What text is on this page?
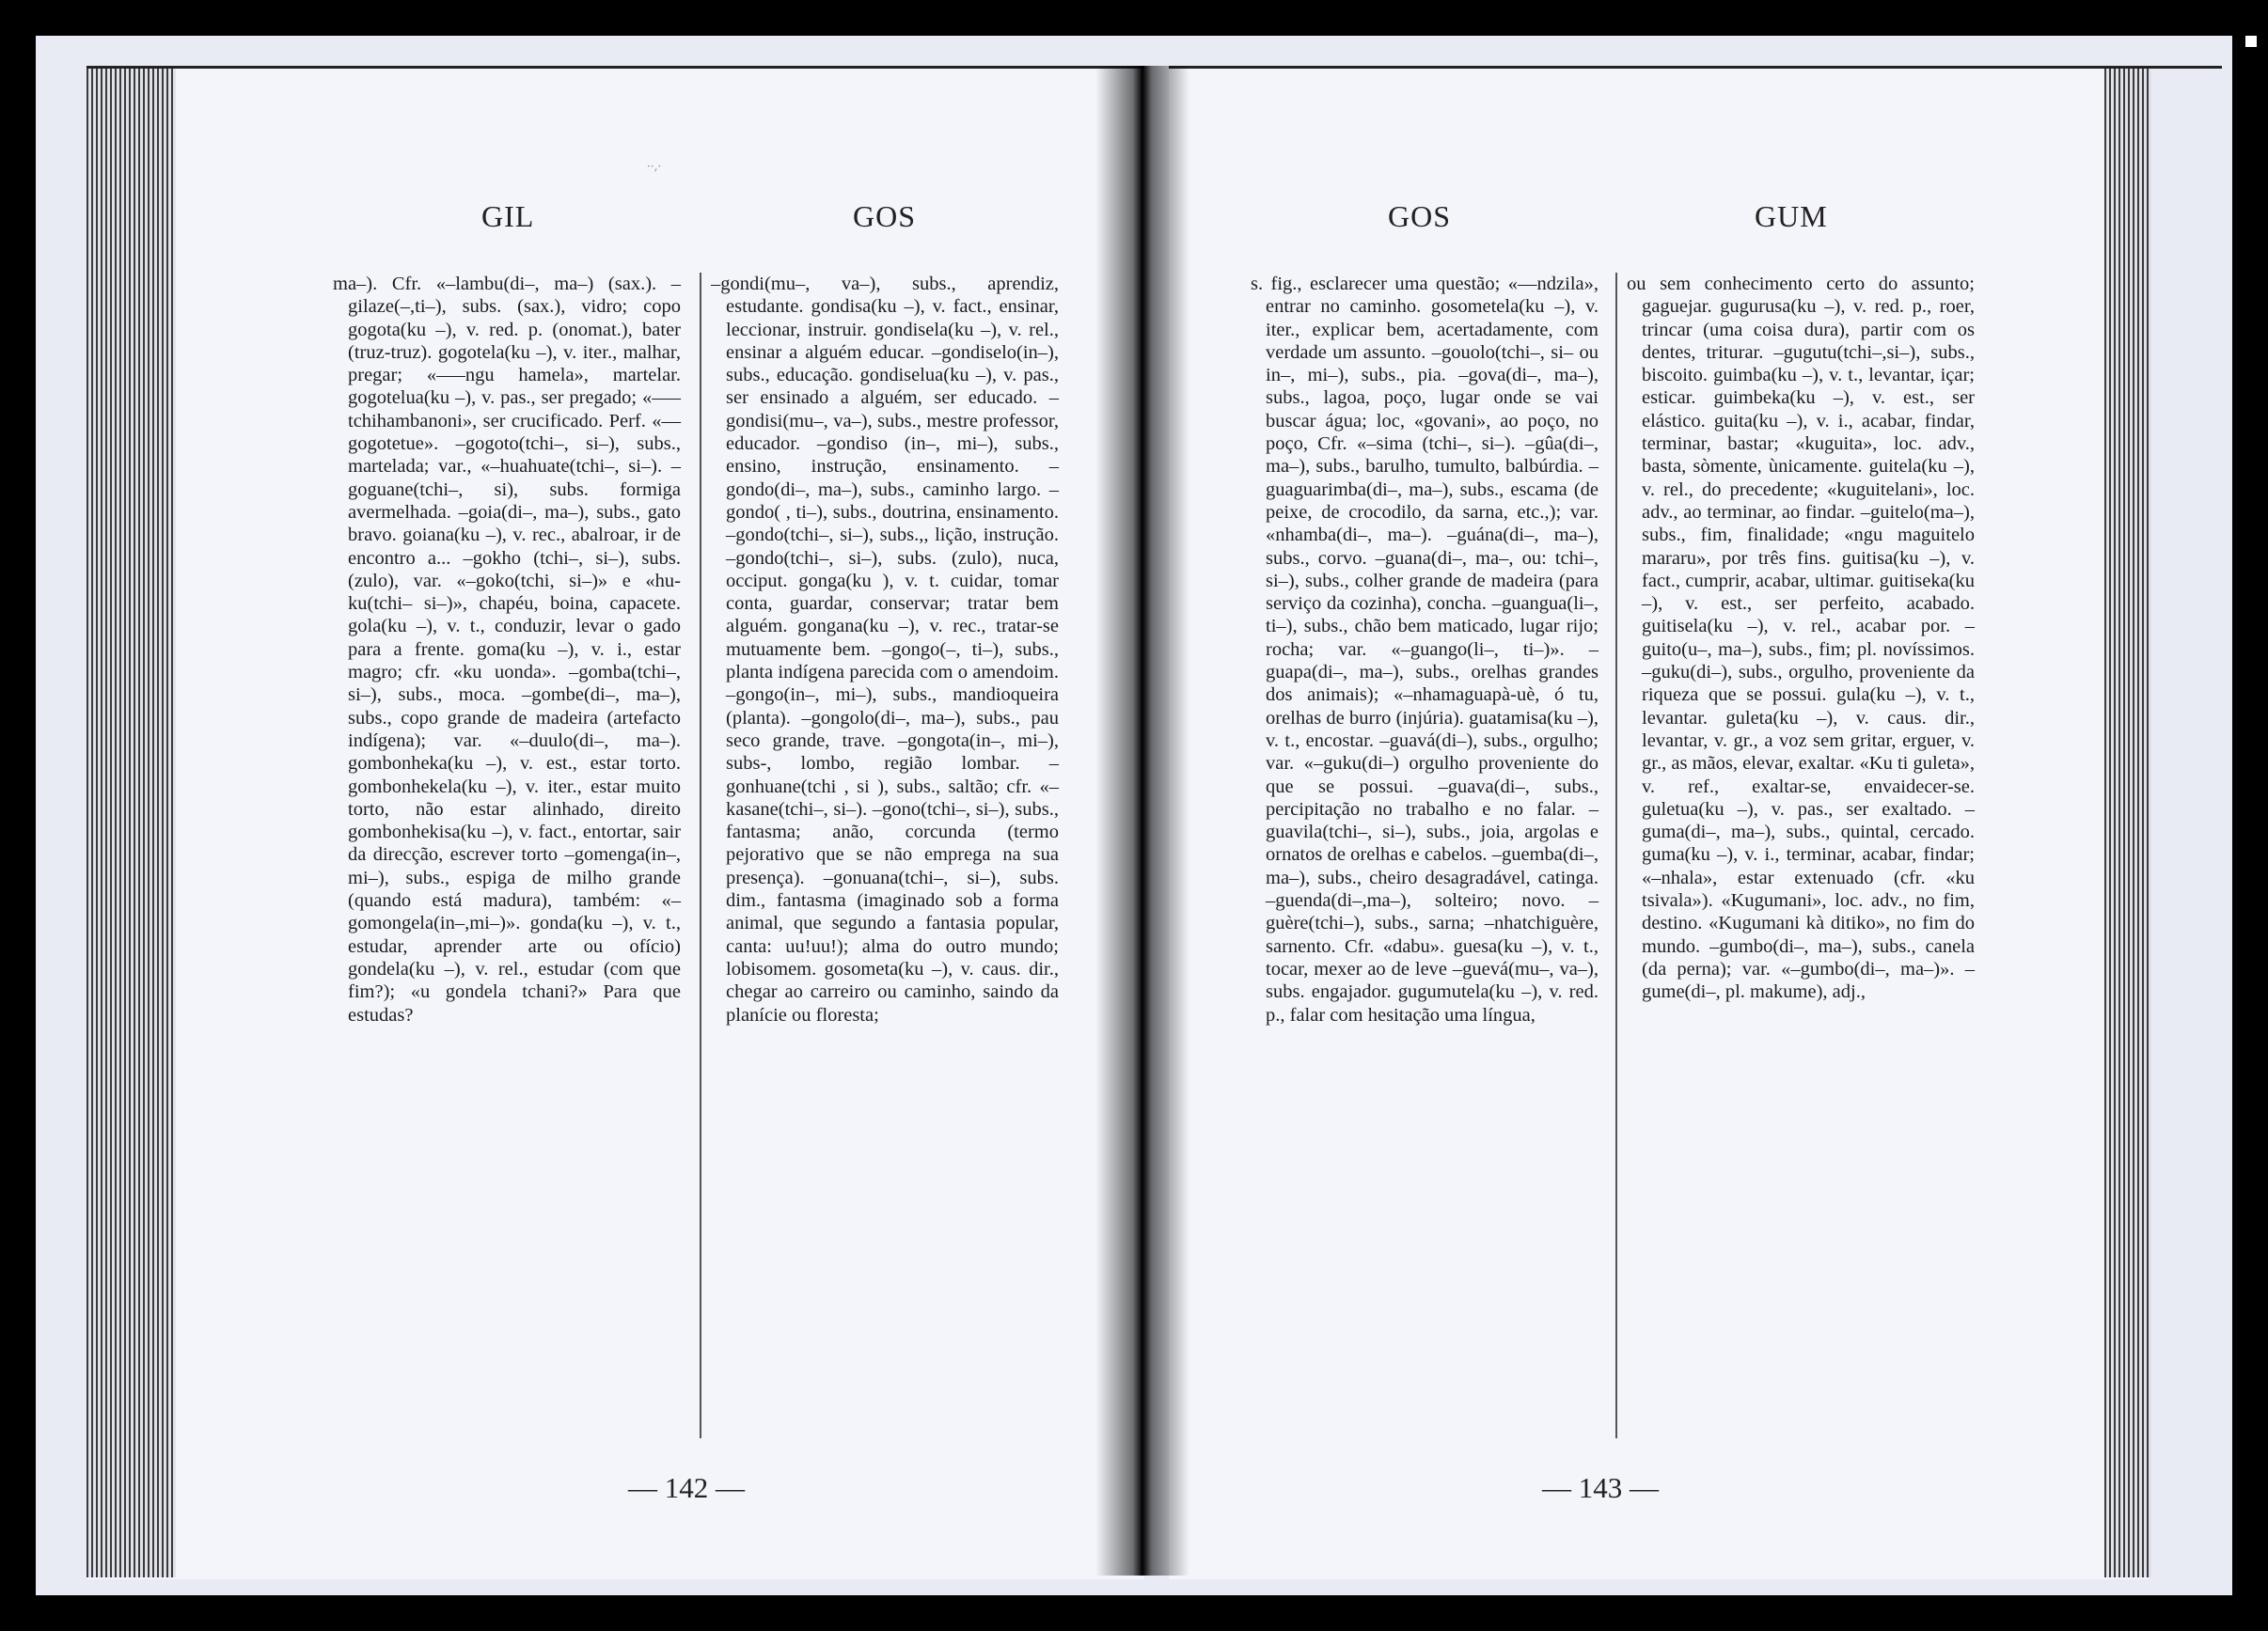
·‧,·
GIL	GOS

ma–). Cfr. «–lambu(di–, ma–) (sax.). –gilaze(–,ti–), subs. (sax.), vidro; copo gogota(ku –), v. red. p. (onomat.), bater (truz-truz). gogotela(ku –), v. iter., malhar, pregar; «–––ngu hamela», martelar. gogotelua(ku –), v. pas., ser pregado; «–––tchihambanoni», ser crucificado. Perf. «––gogotetue». –gogoto(tchi–, si–), subs., martelada; var., «–huahuate(tchi–, si–). –goguane(tchi–, si), subs. formiga avermelhada. –goia(di–, ma–), subs., gato bravo. goiana(ku –), v. rec., abalroar, ir de encontro a... –gokho (tchi–, si–), subs. (zulo), var. «–goko(tchi, si–)» e «hu-ku(tchi– si–)», chapéu, boina, capacete. gola(ku –), v. t., conduzir, levar o gado para a frente. goma(ku –), v. i., estar magro; cfr. «ku uonda». –gomba(tchi–, si–), subs., moca. –gombe(di–, ma–), subs., copo grande de madeira (artefacto indígena); var. «–duulo(di–, ma–). gombonheka(ku –), v. est., estar torto. gombonhekela(ku –), v. iter., estar muito torto, não estar alinhado, direito gombonhekisa(ku –), v. fact., entortar, sair da direcção, escrever torto –gomenga(in–, mi–), subs., espiga de milho grande (quando está madura), também: «–gomongela(in–,mi–)». gonda(ku –), v. t., estudar, aprender arte ou ofício) gondela(ku –), v. rel., estudar (com que fim?); «u gondela tchani?» Para que estudas?

–gondi(mu–, va–), subs., aprendiz, estudante. gondisa(ku –), v. fact., ensinar, leccionar, instruir. gondisela(ku –), v. rel., ensinar a alguém educar. –gondiselo(in–), subs., educação. gondiselua(ku –), v. pas., ser ensinado a alguém, ser educado. –gondisi(mu–, va–), subs., mestre professor, educador. –gondiso (in–, mi–), subs., ensino, instrução, ensinamento. –gondo(di–, ma–), subs., caminho largo. –gondo( , ti–), subs., doutrina, ensinamento. –gondo(tchi–, si–), subs.,, lição, instrução. –gondo(tchi–, si–), subs. (zulo), nuca, occiput. gonga(ku ), v. t. cuidar, tomar conta, guardar, conservar; tratar bem alguém. gongana(ku –), v. rec., tratar-se mutuamente bem. –gongo(–, ti–), subs., planta indígena parecida com o amendoim. –gongo(in–, mi–), subs., mandioqueira (planta). –gongolo(di–, ma–), subs., pau seco grande, trave. –gongota(in–, mi–), subs-, lombo, região lombar. –gonhuane(tchi , si ), subs., saltão; cfr. «–kasane(tchi–, si–). –gono(tchi–, si–), subs., fantasma; anão, corcunda (termo pejorativo que se não emprega na sua presença). –gonuana(tchi–, si–), subs. dim., fantasma (imaginado sob a forma animal, que segundo a fantasia popular, canta: uu!uu!); alma do outro mundo; lobisomem. gosometa(ku –), v. caus. dir., chegar ao carreiro ou caminho, saindo da planície ou floresta;

— 142 —
GOS	GUM

s. fig., esclarecer uma questão; «––ndzila», entrar no caminho. gosometela(ku –), v. iter., explicar bem, acertadamente, com verdade um assunto. –gouolo(tchi–, si– ou in–, mi–), subs., pia. –gova(di–, ma–), subs., lagoa, poço, lugar onde se vai buscar água; loc, «govani», ao poço, no poço, Cfr. «–sima (tchi–, si–). –gûa(di–, ma–), subs., barulho, tumulto, balbúrdia. –guaguarimba(di–, ma–), subs., escama (de peixe, de crocodilo, da sarna, etc.,); var. «nhamba(di–, ma–). –guána(di–, ma–), subs., corvo. –guana(di–, ma–, ou: tchi–, si–), subs., colher grande de madeira (para serviço da cozinha), concha. –guangua(li–, ti–), subs., chão bem maticado, lugar rijo; rocha; var. «–guango(li–, ti–)». –guapa(di–, ma–), subs., orelhas grandes dos animais); «–nhamaguapà-uè, ó tu, orelhas de burro (injúria). guatamisa(ku –), v. t., encostar. –guavá(di–), subs., orgulho; var. «–guku(di–) orgulho proveniente do que se possui. –guava(di–, subs., percipitação no trabalho e no falar. –guavila(tchi–, si–), subs., joia, argolas e ornatos de orelhas e cabelos. –guemba(di–, ma–), subs., cheiro desagradável, catinga. –guenda(di–,ma–), solteiro; novo. –guère(tchi–), subs., sarna; –nhatchiguère, sarnento. Cfr. «dabu». guesa(ku –), v. t., tocar, mexer ao de leve –guevá(mu–, va–), subs. engajador. gugumutela(ku –), v. red. p., falar com hesitação uma língua,

ou sem conhecimento certo do assunto; gaguejar. gugurusa(ku –), v. red. p., roer, trincar (uma coisa dura), partir com os dentes, triturar. –gugutu(tchi–,si–), subs., biscoito. guimba(ku –), v. t., levantar, içar; esticar. guimbeka(ku –), v. est., ser elástico. guita(ku –), v. i., acabar, findar, terminar, bastar; «kuguita», loc. adv., basta, sòmente, ùnicamente. guitela(ku –), v. rel., do precedente; «kuguitelani», loc. adv., ao terminar, ao findar. –guitelo(ma–), subs., fim, finalidade; «ngu maguitelo mararu», por três fins. guitisa(ku –), v. fact., cumprir, acabar, ultimar. guitiseka(ku –), v. est., ser perfeito, acabado. guitisela(ku –), v. rel., acabar por. –guito(u–, ma–), subs., fim; pl. novíssimos. –guku(di–), subs., orgulho, proveniente da riqueza que se possui. gula(ku –), v. t., levantar. guleta(ku –), v. caus. dir., levantar, v. gr., a voz sem gritar, erguer, v. gr., as mãos, elevar, exaltar. «Ku ti guleta», v. ref., exaltar-se, envaidecer-se. guletua(ku –), v. pas., ser exaltado. –guma(di–, ma–), subs., quintal, cercado. guma(ku –), v. i., terminar, acabar, findar; «–nhala», estar extenuado (cfr. «ku tsivala»). «Kugumani», loc. adv., no fim, destino. «Kugumani kà ditiko», no fim do mundo. –gumbo(di–, ma–), subs., canela (da perna); var. «–gumbo(di–, ma–)». –gume(di–, pl. makume), adj.,

— 143 —
